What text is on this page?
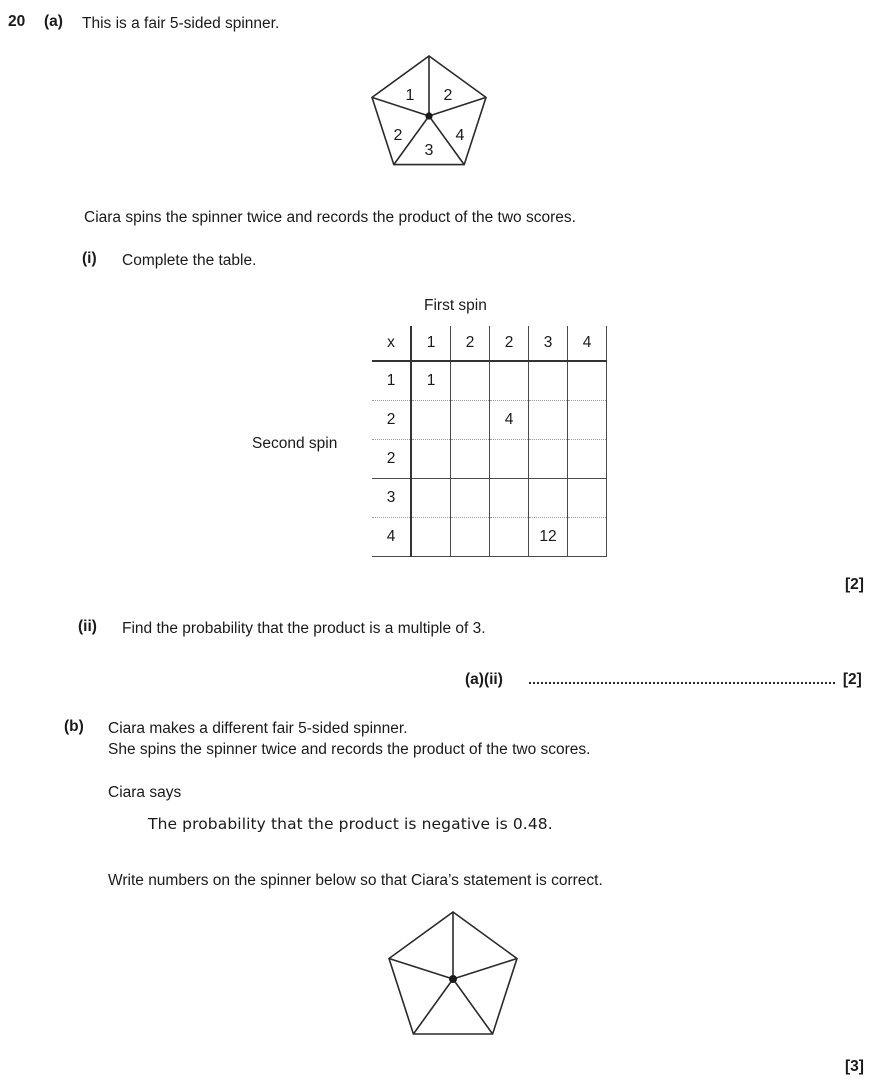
20 (a) This is a fair 5-sided spinner.
1 2
4
3
2
Ciara spins the spinner twice and records the product of the two scores.
(i) Complete the table.
First spin
Second spin
x	1	2	2	3	4
1	1				
2			4		
2					
3					
4				12	
[2]
(ii) Find the probability that the product is a multiple of 3.
(a)(ii)	[2]
(b) Ciara makes a different fair 5-sided spinner.
She spins the spinner twice and records the product of the two scores.
Ciara says
The probability that the product is negative is 0.48.
Write numbers on the spinner below so that Ciara’s statement is correct.
[3]
